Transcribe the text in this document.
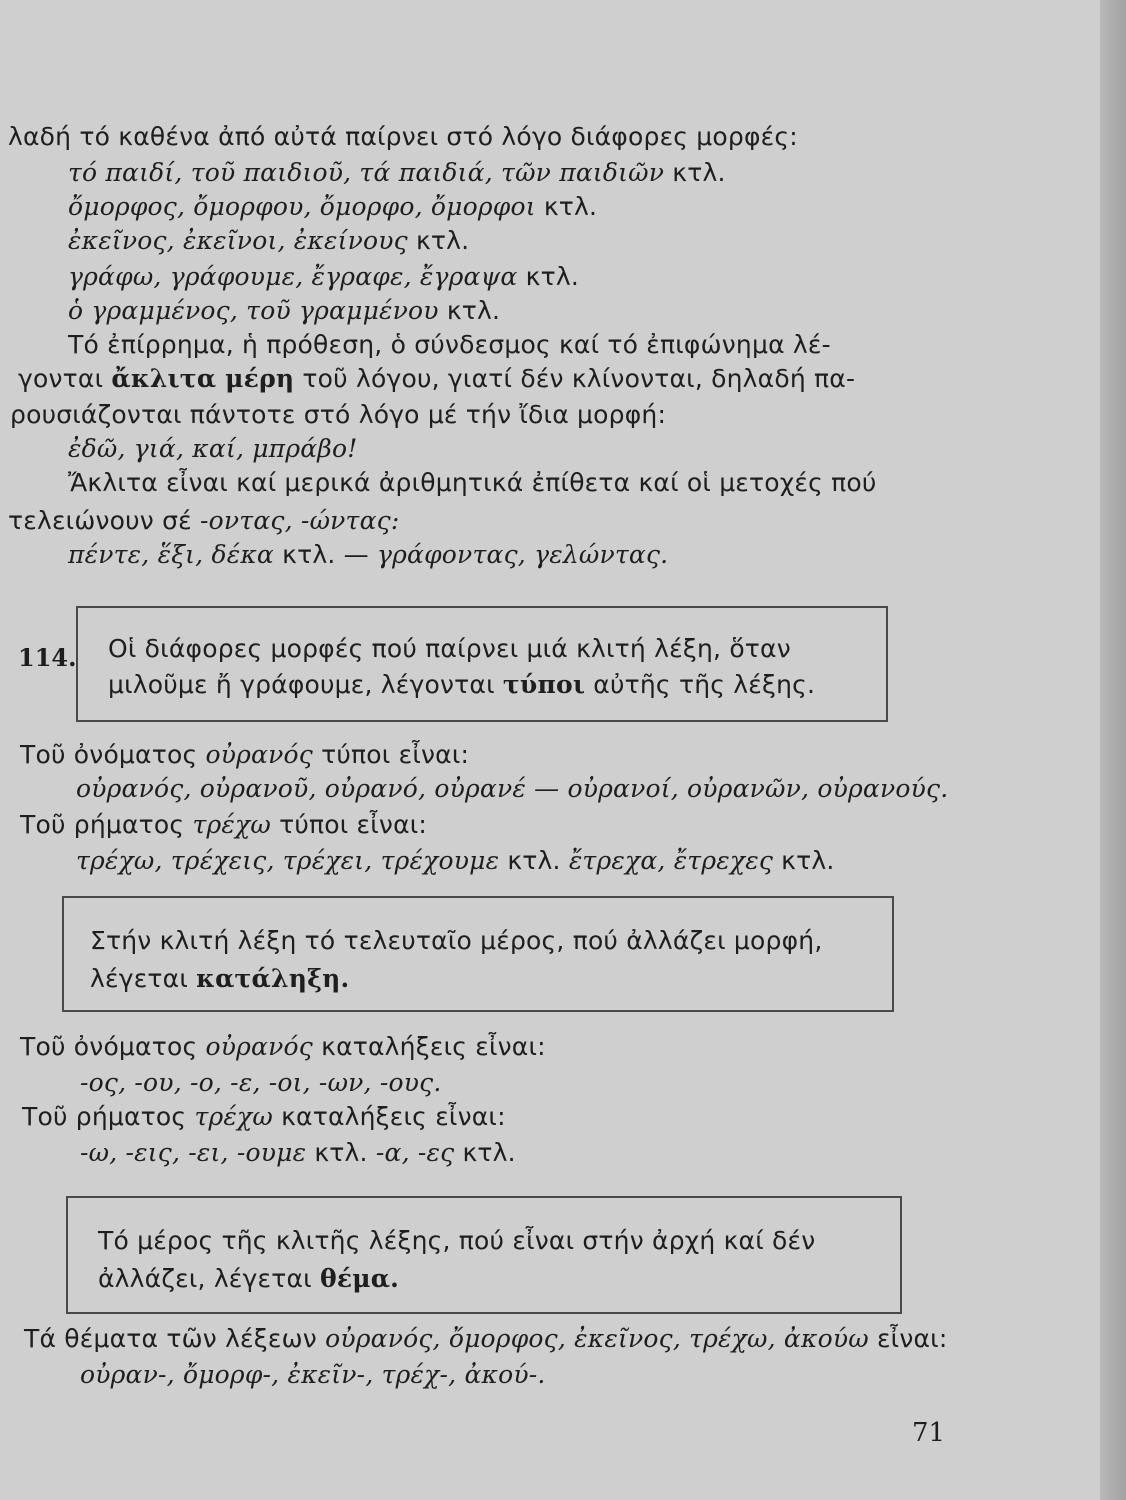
λαδή τό καθένα ἀπό αὐτά παίρνει στό λόγο διάφορες μορφές:
τό παιδί, τοῦ παιδιοῦ, τά παιδιά, τῶν παιδιῶν κτλ.
ὄμορφος, ὄμορφου, ὄμορφο, ὄμορφοι κτλ.
ἐκεῖνος, ἐκεῖνοι, ἐκείνους κτλ.
γράφω, γράφουμε, ἔγραφε, ἔγραψα κτλ.
ὁ γραμμένος, τοῦ γραμμένου κτλ.
Τό ἐπίρρημα, ἡ πρόθεση, ὁ σύνδεσμος καί τό ἐπιφώνημα λέ-
γονται ἄκλιτα μέρη τοῦ λόγου, γιατί δέν κλίνονται, δηλαδή πα-
ρουσιάζονται πάντοτε στό λόγο μέ τήν ἴδια μορφή:
ἐδῶ, γιά, καί, μπράβο!
Ἄκλιτα εἶναι καί μερικά ἀριθμητικά ἐπίθετα καί οἱ μετοχές πού
τελειώνουν σέ -οντας, -ώντας:
πέντε, ἕξι, δέκα κτλ. — γράφοντας, γελώντας.
114. Οἱ διάφορες μορφές πού παίρνει μιά κλιτή λέξη, ὅταν
μιλοῦμε ἤ γράφουμε, λέγονται τύποι αὐτῆς τῆς λέξης.
Τοῦ ὀνόματος οὐρανός τύποι εἶναι:
οὐρανός, οὐρανοῦ, οὐρανό, οὐρανέ — οὐρανοί, οὐρανῶν, οὐρανούς.
Τοῦ ρήματος τρέχω τύποι εἶναι:
τρέχω, τρέχεις, τρέχει, τρέχουμε κτλ. ἔτρεχα, ἔτρεχες κτλ.
Στήν κλιτή λέξη τό τελευταῖο μέρος, πού ἀλλάζει μορφή,
λέγεται κατάληξη.
Τοῦ ὀνόματος οὐρανός καταλήξεις εἶναι:
-ος, -ου, -ο, -ε, -οι, -ων, -ους.
Τοῦ ρήματος τρέχω καταλήξεις εἶναι:
-ω, -εις, -ει, -ουμε κτλ. -α, -ες κτλ.
Τό μέρος τῆς κλιτῆς λέξης, πού εἶναι στήν ἀρχή καί δέν
ἀλλάζει, λέγεται θέμα.
Τά θέματα τῶν λέξεων οὐρανός, ὄμορφος, ἐκεῖνος, τρέχω, ἀκούω εἶναι:
οὐραν-, ὄμορφ-, ἐκεῖν-, τρέχ-, ἀκού-.
71
